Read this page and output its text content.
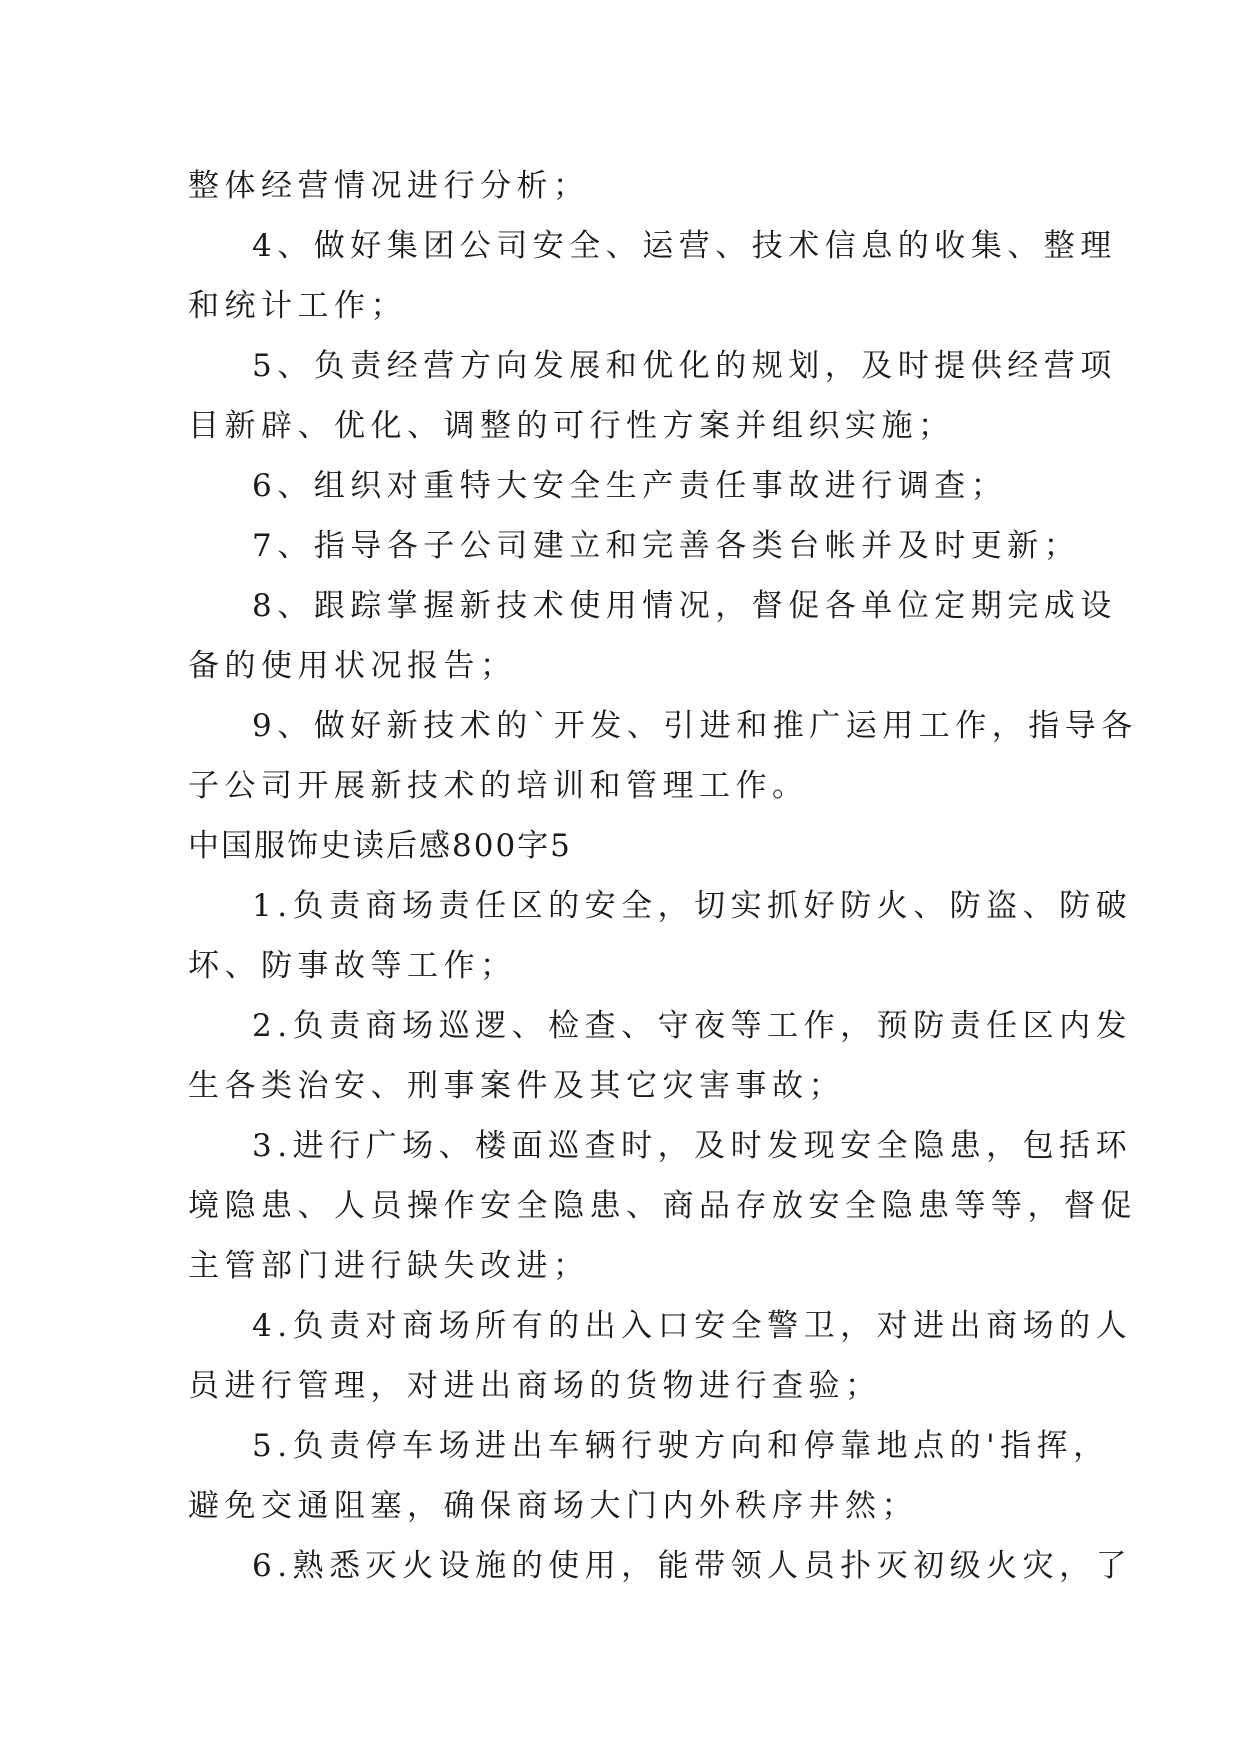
整体经营情况进行分析；
4、做好集团公司安全、运营、技术信息的收集、整理
和统计工作；
5、负责经营方向发展和优化的规划，及时提供经营项
目新辟、优化、调整的可行性方案并组织实施；
6、组织对重特大安全生产责任事故进行调查；
7、指导各子公司建立和完善各类台帐并及时更新；
8、跟踪掌握新技术使用情况，督促各单位定期完成设
备的使用状况报告；
9、做好新技术的`开发、引进和推广运用工作，指导各
子公司开展新技术的培训和管理工作。
中国服饰史读后感800字5
1.负责商场责任区的安全，切实抓好防火、防盗、防破
坏、防事故等工作；
2.负责商场巡逻、检查、守夜等工作，预防责任区内发
生各类治安、刑事案件及其它灾害事故；
3.进行广场、楼面巡查时，及时发现安全隐患，包括环
境隐患、人员操作安全隐患、商品存放安全隐患等等，督促
主管部门进行缺失改进；
4.负责对商场所有的出入口安全警卫，对进出商场的人
员进行管理，对进出商场的货物进行查验；
5.负责停车场进出车辆行驶方向和停靠地点的'指挥，
避免交通阻塞，确保商场大门内外秩序井然；
6.熟悉灭火设施的使用，能带领人员扑灭初级火灾，了
